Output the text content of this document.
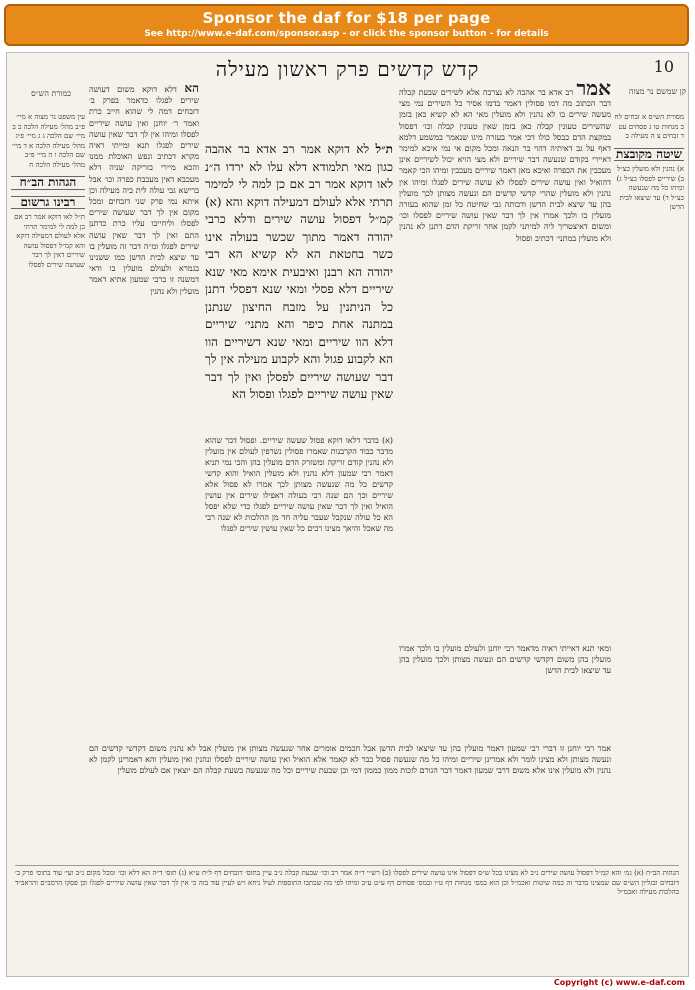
Sponsor the daf for $18 per page
See http://www.e-daf.com/sponsor.asp - or click the sponsor button - for details
10
קדש קדשים פרק ראשון מעילה
קן שמשם נר מצוה
כמורת הש״ס	אמר רב אדא בר אהבה לא נצרכה אלא לשירים שבעת קבלה דבר הכתוב מה דמו פסולין דאמר בדמו אסיר כל השירים נמי מצי מעשה שירים בו לא נהנין ולא מועלין מאי הא לא קשיא כאן בזמן שהשירים טעונין קבלה כאן בזמן שאין טעונין קבלה וכו׳ דפסול במקצת הדם כבסל כולו דכי אמר בעזרה מיגו שנאמר במשמע דלמא דאף על גב דאיתיה דהוי בר הנאה ומכל מקום אי נמי איכא למימר דאיירי בקודם שנעשה דבר שיריים ולא מצי הויא יכול לשיריים אינן מעכבין את הכפרה ואיכא מאן דאמר שיריים מעכבין ומיהו הכי קאמר דהואיל ואין עושה שירים לפסלו לא עושה שירים לפגלו ומיהו אין נהנין ולא מועלין שהרי קדשי קדשים הם ונעשה מצותן לכך מועלין בהן עד שיצא לבית הדשן ודכותה גבי שחיטה כל זמן שהוא בעזרה מועלין בו ולכך אמרו אין לך דבר שאין עושה שיריים לפסלו וכו׳ ומשום דאיצטריך ליה למיתני לקמן אחר זריקת הדם דתנן לא נהנין ולא מועלין במתני׳ דכתיב ופסול

ת״ל לא דוקא אמר רב אדא בר אהבה כגון מאי תלמודא דלא עלו לא ירדו ה״נ לאו דוקא אמר רב אם כן למה לי למימר תרתי אלא לעולם דמעילה דוקא והא (א) קמ״ל דפסול עושה שירים ודלא כרבי יהודה דאמר מתוך שכשר בעולה אינו כשר בחטאת הא לא קשיא הא רבי יהודה הא רבנן ואיבעית אימא מאי שנא שיריים דלא פסלי ומאי שנא דפסלי דתנן כל הניתנין על מזבח החיצון שנתנן במתנה אחת כיפר והא מתני׳ שיריים דלא הוו שיריים ומאי שנא דשיריים הוו הא לקבוע פגול והא לקבוע מעילה אין לך דבר שעושה שיריים לפסלן ואין לך דבר שאין עושה שיריים לפגלו ופסול הא

הא דלא דוקא משום דעושה שירים לפגלו כדאמר בפרק ב׳ דזבחים דמה לי שהוא חייב כרת ואמר ר׳ יוחנן ואין עושה שיריים לפסלו ומיהו אין לך דבר שאין עושה שירים לפגלו תנא ומייתי ראיה מקרא דכתיב ונפש האוכלת ממנו והכא מיירי בזריקה שניה דלא מעכבא דאין מעכבת כפרה וכו׳ אבל ברישא גבי עולה לית ביה מעילה וכן איתא נמי פרק שני דזבחים ומכל מקום אין לך דבר שעושה שירים לפסלו וליחייבו עליו כרת כדתנן התם ואין לך דבר שאין עושה שירים לפגלו ומ״ה דבר זה מועלין בו עד שיצא לבית הדשן כמו ששנינו בגמרא ולעולם מועלין בו ודאי דמשנה זו כרבי שמעון אתיא דאמר מועלין ולא נהנין

(א) בדבר דלאו דוקא פסול שעשה שיריים. ופסול דבר שהוא מדבר כבוד הקרבנות שאמרו פסולין נשרפין לעולם אין מועלין ולא נהנין קודם זריקה ומשזרק הדם מועלין בהן והכי נמי תניא דאמר רבי שמעון דלא נהנין ולא מועלין הואיל והוא קדשי קדשים כל מה שנעשה מצותן לכך אמרו לא פסול אלא שיריים וכך הם שנה רבי בעולה דאפילו שירים אין עושין הואיל ואין לך דבר שאין עושה שיריים לפגלו כדי שלא יפסל הא כל עולה שנקבל שעבר עליה חד מן ההלכות לא שנה רבי מה שאכל והיאך מצינו רבים כל שאין עושין שירים לפגלו
ומאי תנא דאייתי ראיה מדאמר רבי יוחנן ולעולם מועלין בו ולכך אמרו מועלין בהן משום דקדשי קדשים הם ונעשה מצותן ולכך מועלין בהן עד שיצאו לבית הדשן
אמר רבי יוחנן זו דברי רבי שמעון דאמר מועלין בהן עד שיצאו לבית הדשן אבל חכמים אומרים אחר שנעשה מצותן אין מועלין אבל לא נהנין משום דקדשי קדשים הם ונעשה מצותן ולא מצינו לומר ולא אמרינן שיריים ומיהו כל מה שנעשה פסול כבר לא קאמר אלא הואיל ואין עושה שיריים לפסלו ונהנין ואין מועלין והא דאמרינן לקמן לא נהנין ולא מועלין אינו אלא משום דרבי שמעון דאמר דבר הגורם לזכות ממון כממון דמי וכן שבעת שיריים וכל מה שנעשה בשעת קבלה הם יוצאין אם לעולם מועלין
הגהות הב״ח (א) גמ׳ והא קמ״ל דפסול עושה שירים נ״ב לא מצינו בכל ש״ס דפסול אינו עושה שירים לפסלו (ב) רש״י ד״ה אמר רב וכו׳ שבעת קבלה נ״ב עיין בתוס׳ דזבחים דף ל״ח ע״א (ג) תוס׳ ד״ה הא דלא וכו׳ ומכל מקום נ״ב ועי׳ עוד בתוס׳ פרק ב׳ דזבחים ובגליון הש״ס שם שמצינו בדבר זה כמה שיטות ואכמ״ל וכן הוא במס׳ מנחות דף ט״ו ובמס׳ פסחים דף ע״ט ע״ב ומיהו לפי מה שכתבו התוספות לעיל ניחא ויש לעיין עוד בזה כי אין לך דבר שאין עושה שיריים לפגלו וכן פסקו הרמב״ם והראב״ד בהלכות מעילה ואכמ״ל
עין משפט נר מצוה א מיי׳ פ״ב מהל׳ מעילה הלכה ב ב מיי׳ שם הלכה ג ג מיי׳ פ״ג מהל׳ מעילה הלכה א ד מיי׳ שם הלכה ו ה מיי׳ פ״ב מהל׳ מעילה הלכה ח
הגהות הב״ח
רבינו גרשום
ת״ל לאו דוקא אמר רב אם כן למה לי למימר תרתי אלא לעולם דמעילה דוקא והא קמ״ל דפסול עושה שיריים דאין לך דבר שעושה שירים לפסלו
מסורת הש״ס א זבחים לח ב מנחות טו ג פסחים עט ד זבחים צ ה מעילה ב
שיטה מקובצת
א) נהנין ולא מועלין כצ״ל ב) שיריים לפסלו כצ״ל ג) ומיהו כל מה שנעשה כצ״ל ד) עד שיצאו לבית הדשן
Copyright (c) www.e-daf.com
